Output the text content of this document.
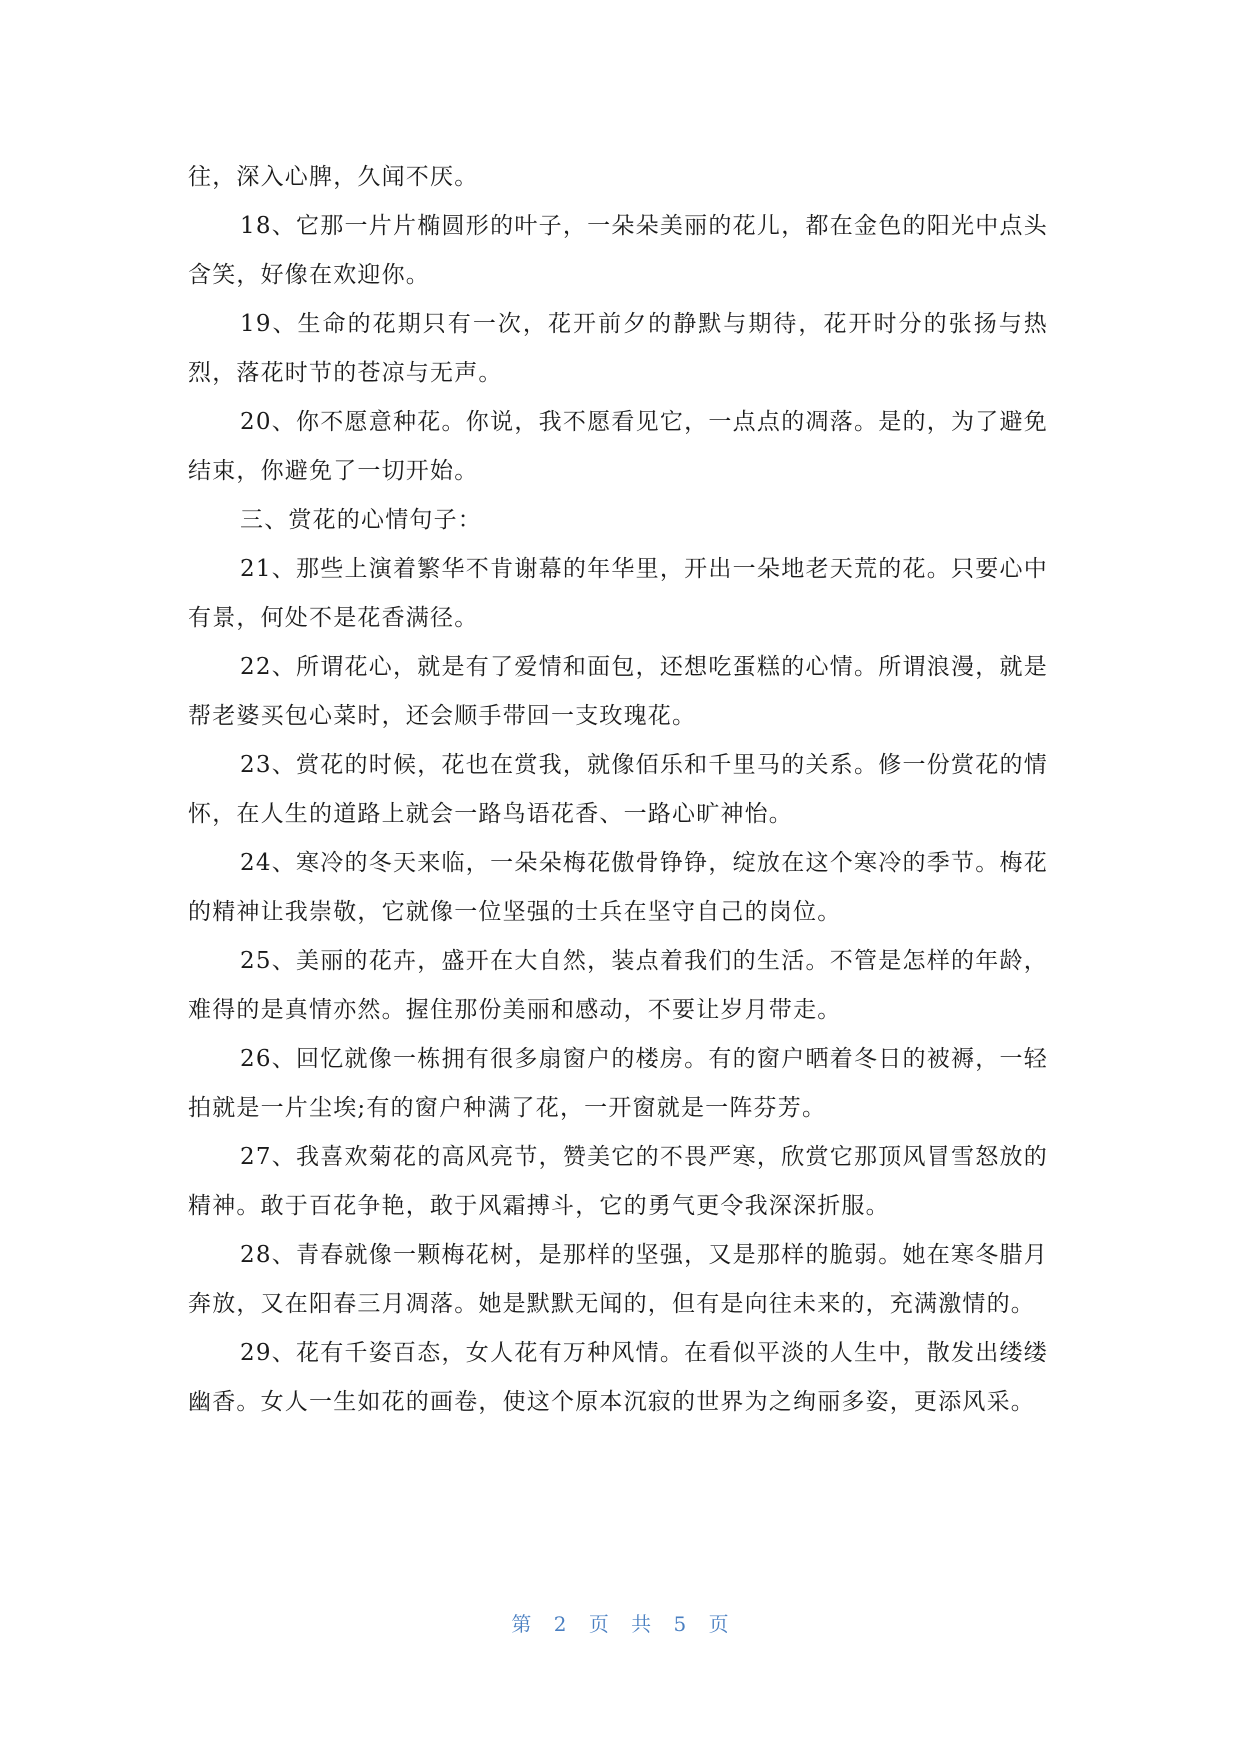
往，深入心脾，久闻不厌。

18、它那一片片椭圆形的叶子，一朵朵美丽的花儿，都在金色的阳光中点头含笑，好像在欢迎你。

19、生命的花期只有一次，花开前夕的静默与期待，花开时分的张扬与热烈，落花时节的苍凉与无声。

20、你不愿意种花。你说，我不愿看见它，一点点的凋落。是的，为了避免结束，你避免了一切开始。

三、赏花的心情句子：

21、那些上演着繁华不肯谢幕的年华里，开出一朵地老天荒的花。只要心中有景，何处不是花香满径。

22、所谓花心，就是有了爱情和面包，还想吃蛋糕的心情。所谓浪漫，就是帮老婆买包心菜时，还会顺手带回一支玫瑰花。

23、赏花的时候，花也在赏我，就像佰乐和千里马的关系。修一份赏花的情怀，在人生的道路上就会一路鸟语花香、一路心旷神怡。

24、寒冷的冬天来临，一朵朵梅花傲骨铮铮，绽放在这个寒冷的季节。梅花的精神让我崇敬，它就像一位坚强的士兵在坚守自己的岗位。

25、美丽的花卉，盛开在大自然，装点着我们的生活。不管是怎样的年龄，难得的是真情亦然。握住那份美丽和感动，不要让岁月带走。

26、回忆就像一栋拥有很多扇窗户的楼房。有的窗户晒着冬日的被褥，一轻拍就是一片尘埃;有的窗户种满了花，一开窗就是一阵芬芳。

27、我喜欢菊花的高风亮节，赞美它的不畏严寒，欣赏它那顶风冒雪怒放的精神。敢于百花争艳，敢于风霜搏斗，它的勇气更令我深深折服。

28、青春就像一颗梅花树，是那样的坚强，又是那样的脆弱。她在寒冬腊月奔放，又在阳春三月凋落。她是默默无闻的，但有是向往未来的，充满激情的。

29、花有千姿百态，女人花有万种风情。在看似平淡的人生中，散发出缕缕幽香。女人一生如花的画卷，使这个原本沉寂的世界为之绚丽多姿，更添风采。

第 2 页 共 5 页
